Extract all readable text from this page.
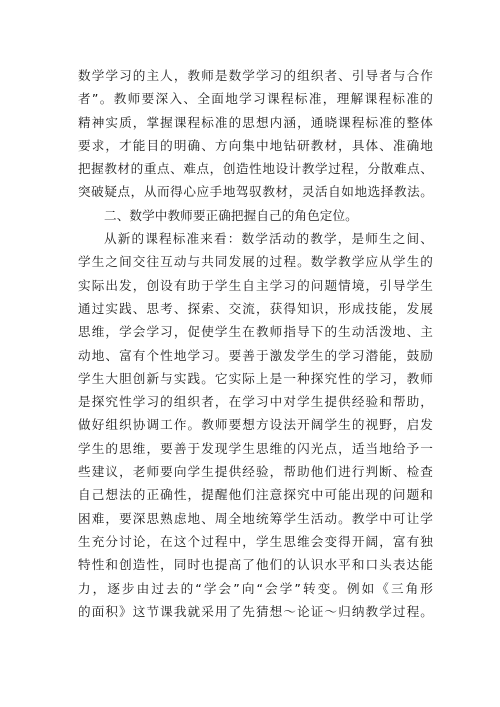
数学学习的主人，教师是数学学习的组织者、引导者与合作
者”。教师要深入、全面地学习课程标准，理解课程标准的
精神实质，掌握课程标准的思想内涵，通晓课程标准的整体
要求，才能目的明确、方向集中地钻研教材，具体、准确地
把握教材的重点、难点，创造性地设计教学过程，分散难点、
突破疑点，从而得心应手地驾驭教材，灵活自如地选择教法。
二、数学中教师要正确把握自己的角色定位。
从新的课程标准来看：数学活动的教学，是师生之间、
学生之间交往互动与共同发展的过程。数学教学应从学生的
实际出发，创设有助于学生自主学习的问题情境，引导学生
通过实践、思考、探索、交流，获得知识，形成技能，发展
思维，学会学习，促使学生在教师指导下的生动活泼地、主
动地、富有个性地学习。要善于激发学生的学习潜能，鼓励
学生大胆创新与实践。它实际上是一种探究性的学习，教师
是探究性学习的组织者，在学习中对学生提供经验和帮助，
做好组织协调工作。教师要想方设法开阔学生的视野，启发
学生的思维，要善于发现学生思维的闪光点，适当地给予一
些建议，老师要向学生提供经验，帮助他们进行判断、检查
自己想法的正确性，提醒他们注意探究中可能出现的问题和
困难，要深思熟虑地、周全地统筹学生活动。教学中可让学
生充分讨论，在这个过程中，学生思维会变得开阔，富有独
特性和创造性，同时也提高了他们的认识水平和口头表达能
力，逐步由过去的“学会”向“会学”转变。例如《三角形
的面积》这节课我就采用了先猜想～论证～归纳教学过程。
